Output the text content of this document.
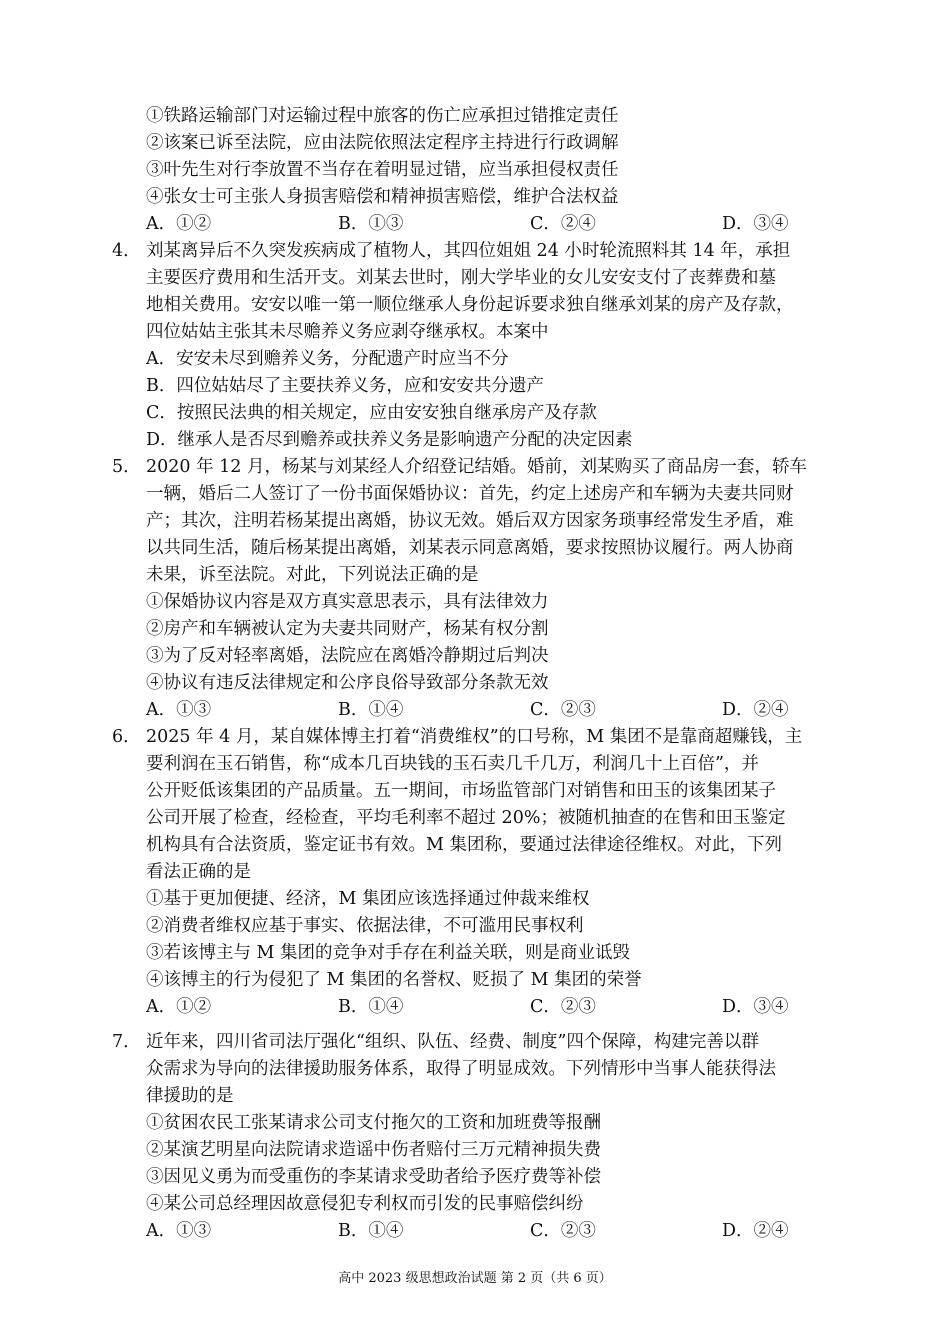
①铁路运输部门对运输过程中旅客的伤亡应承担过错推定责任
②该案已诉至法院，应由法院依照法定程序主持进行行政调解
③叶先生对行李放置不当存在着明显过错，应当承担侵权责任
④张女士可主张人身损害赔偿和精神损害赔偿，维护合法权益
A．①②	B．①③	C．②④	D．③④
4． 刘某离异后不久突发疾病成了植物人，其四位姐姐 24 小时轮流照料其 14 年，承担
主要医疗费用和生活开支。刘某去世时，刚大学毕业的女儿安安支付了丧葬费和墓
地相关费用。安安以唯一第一顺位继承人身份起诉要求独自继承刘某的房产及存款，
四位姑姑主张其未尽赡养义务应剥夺继承权。本案中
A．安安未尽到赡养义务，分配遗产时应当不分
B．四位姑姑尽了主要扶养义务，应和安安共分遗产
C．按照民法典的相关规定，应由安安独自继承房产及存款
D．继承人是否尽到赡养或扶养义务是影响遗产分配的决定因素
5． 2020 年 12 月，杨某与刘某经人介绍登记结婚。婚前，刘某购买了商品房一套，轿车
一辆，婚后二人签订了一份书面保婚协议：首先，约定上述房产和车辆为夫妻共同财
产；其次，注明若杨某提出离婚，协议无效。婚后双方因家务琐事经常发生矛盾，难
以共同生活，随后杨某提出离婚，刘某表示同意离婚，要求按照协议履行。两人协商
未果，诉至法院。对此，下列说法正确的是
①保婚协议内容是双方真实意思表示，具有法律效力
②房产和车辆被认定为夫妻共同财产，杨某有权分割
③为了反对轻率离婚，法院应在离婚冷静期过后判决
④协议有违反法律规定和公序良俗导致部分条款无效
A．①③	B．①④	C．②③	D．②④
6． 2025 年 4 月，某自媒体博主打着“消费维权”的口号称，M 集团不是靠商超赚钱，主
要利润在玉石销售，称“成本几百块钱的玉石卖几千几万，利润几十上百倍”，并
公开贬低该集团的产品质量。五一期间，市场监管部门对销售和田玉的该集团某子
公司开展了检查，经检查，平均毛利率不超过 20%；被随机抽查的在售和田玉鉴定
机构具有合法资质，鉴定证书有效。M 集团称，要通过法律途径维权。对此，下列
看法正确的是
①基于更加便捷、经济，M 集团应该选择通过仲裁来维权
②消费者维权应基于事实、依据法律，不可滥用民事权利
③若该博主与 M 集团的竞争对手存在利益关联，则是商业诋毁
④该博主的行为侵犯了 M 集团的名誉权、贬损了 M 集团的荣誉
A．①②	B．①④	C．②③	D．③④
7． 近年来，四川省司法厅强化“组织、队伍、经费、制度”四个保障，构建完善以群
众需求为导向的法律援助服务体系，取得了明显成效。下列情形中当事人能获得法
律援助的是
①贫困农民工张某请求公司支付拖欠的工资和加班费等报酬
②某演艺明星向法院请求造谣中伤者赔付三万元精神损失费
③因见义勇为而受重伤的李某请求受助者给予医疗费等补偿
④某公司总经理因故意侵犯专利权而引发的民事赔偿纠纷
A．①③	B．①④	C．②③	D．②④
高中 2023 级思想政治试题 第 2 页（共 6 页）
